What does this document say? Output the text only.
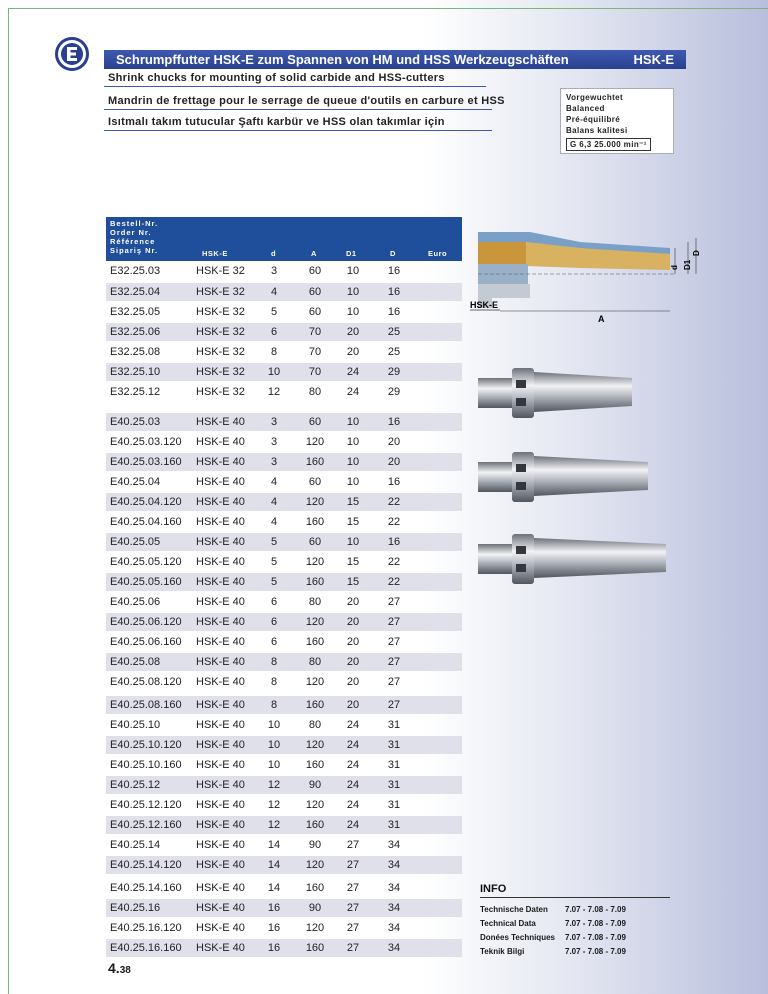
Schrumpffutter HSK-E zum Spannen von HM und HSS Werkzeugschäften	HSK-E
Shrink chucks for mounting of solid carbide and HSS-cutters
Mandrin de frettage pour le serrage de queue d'outils en carbure et HSS
Isıtmalı takım tutucular Şaftı karbür ve HSS olan takımlar için
Vorgewuchtet
Balanced
Pré-équilibré
Balans kalitesi
G 6,3 25.000 min⁻¹
d D1
D
HSK-E
A
Bestell-Nr.
Order Nr.
Référence
Sipariş Nr.	HSK-E	d	A	D1	D	Euro
E32.25.03	HSK-E 32	3	60	10	16
E32.25.04	HSK-E 32	4	60	10	16
E32.25.05	HSK-E 32	5	60	10	16
E32.25.06	HSK-E 32	6	70	20	25
E32.25.08	HSK-E 32	8	70	20	25
E32.25.10	HSK-E 32	10	70	24	29
E32.25.12	HSK-E 32	12	80	24	29
E40.25.03	HSK-E 40	3	60	10	16
E40.25.03.120 HSK-E 40	3	120	10	20
E40.25.03.160 HSK-E 40	3	160	10	20
E40.25.04	HSK-E 40	4	60	10	16
E40.25.04.120 HSK-E 40	4	120	15	22
E40.25.04.160 HSK-E 40	4	160	15	22
E40.25.05	HSK-E 40	5	60	10	16
E40.25.05.120 HSK-E 40	5	120	15	22
E40.25.05.160 HSK-E 40	5	160	15	22
E40.25.06	HSK-E 40	6	80	20	27
E40.25.06.120 HSK-E 40	6	120	20	27
E40.25.06.160 HSK-E 40	6	160	20	27
E40.25.08	HSK-E 40	8	80	20	27
E40.25.08.120 HSK-E 40	8	120	20	27
E40.25.08.160 HSK-E 40	8	160	20	27
E40.25.10	HSK-E 40	10	80	24	31
E40.25.10.120 HSK-E 40	10	120	24	31
E40.25.10.160 HSK-E 40	10	160	24	31
E40.25.12	HSK-E 40	12	90	24	31
E40.25.12.120 HSK-E 40	12	120	24	31
E40.25.12.160 HSK-E 40	12	160	24	31
E40.25.14	HSK-E 40	14	90	27	34
E40.25.14.120 HSK-E 40	14	120	27	34
E40.25.14.160 HSK-E 40	14	160	27	34
E40.25.16	HSK-E 40	16	90	27	34
E40.25.16.120 HSK-E 40	16	120	27	34
E40.25.16.160 HSK-E 40	16	160	27	34
4.38
INFO
Technische Daten	7.07 - 7.08 - 7.09
Technical Data	7.07 - 7.08 - 7.09
Donées Techniques	7.07 - 7.08 - 7.09
Teknik Bilgi	7.07 - 7.08 - 7.09
